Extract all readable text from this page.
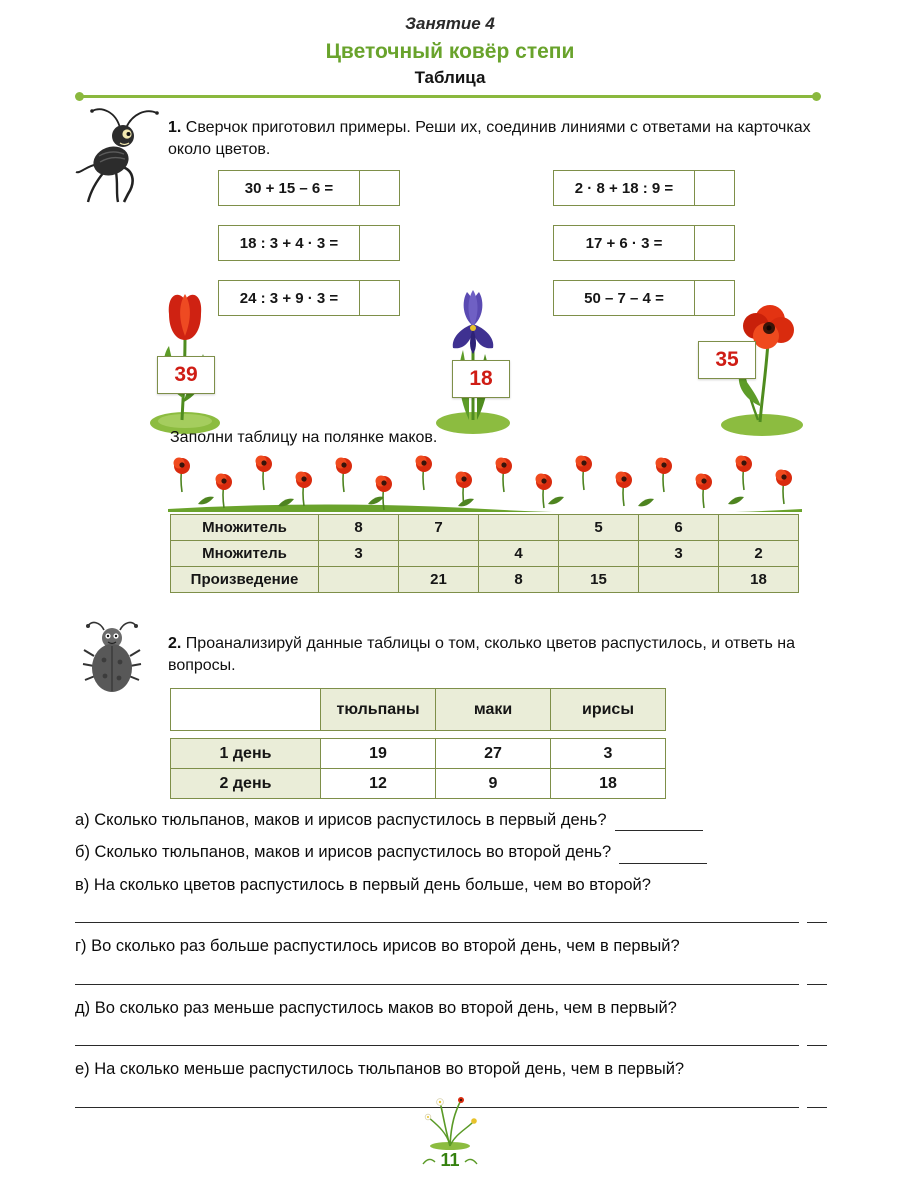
Занятие 4
Цветочный ковёр степи
Таблица
1. Сверчок приготовил примеры. Реши их, соединив линиями с ответами на карточках около цветов.
30 + 15 – 6 =
18 : 3 + 4 · 3 =
24 : 3 + 9 · 3 =
2 · 8 + 18 : 9 =
17 + 6 · 3 =
50 – 7 – 4 =
39	18
35
Заполни таблицу на полянке маков.
Множитель	8	7		5	6	
Множитель	3		4		3	2
Произведение		21	8	15		18
2. Проанализируй данные таблицы о том, сколько цветов распустилось, и ответь на вопросы.
	тюльпаны	маки	ирисы
1 день	19	27	3
2 день	12	9	18
а) Сколько тюльпанов, маков и ирисов распустилось в первый день?
б) Сколько тюльпанов, маков и ирисов распустилось во второй день?
в) На сколько цветов распустилось в первый день больше, чем во второй?
г) Во сколько раз больше распустилось ирисов во второй день, чем в первый?
д) Во сколько раз меньше распустилось маков во второй день, чем в первый?
е) На сколько меньше распустилось тюльпанов во второй день, чем в первый?
11
